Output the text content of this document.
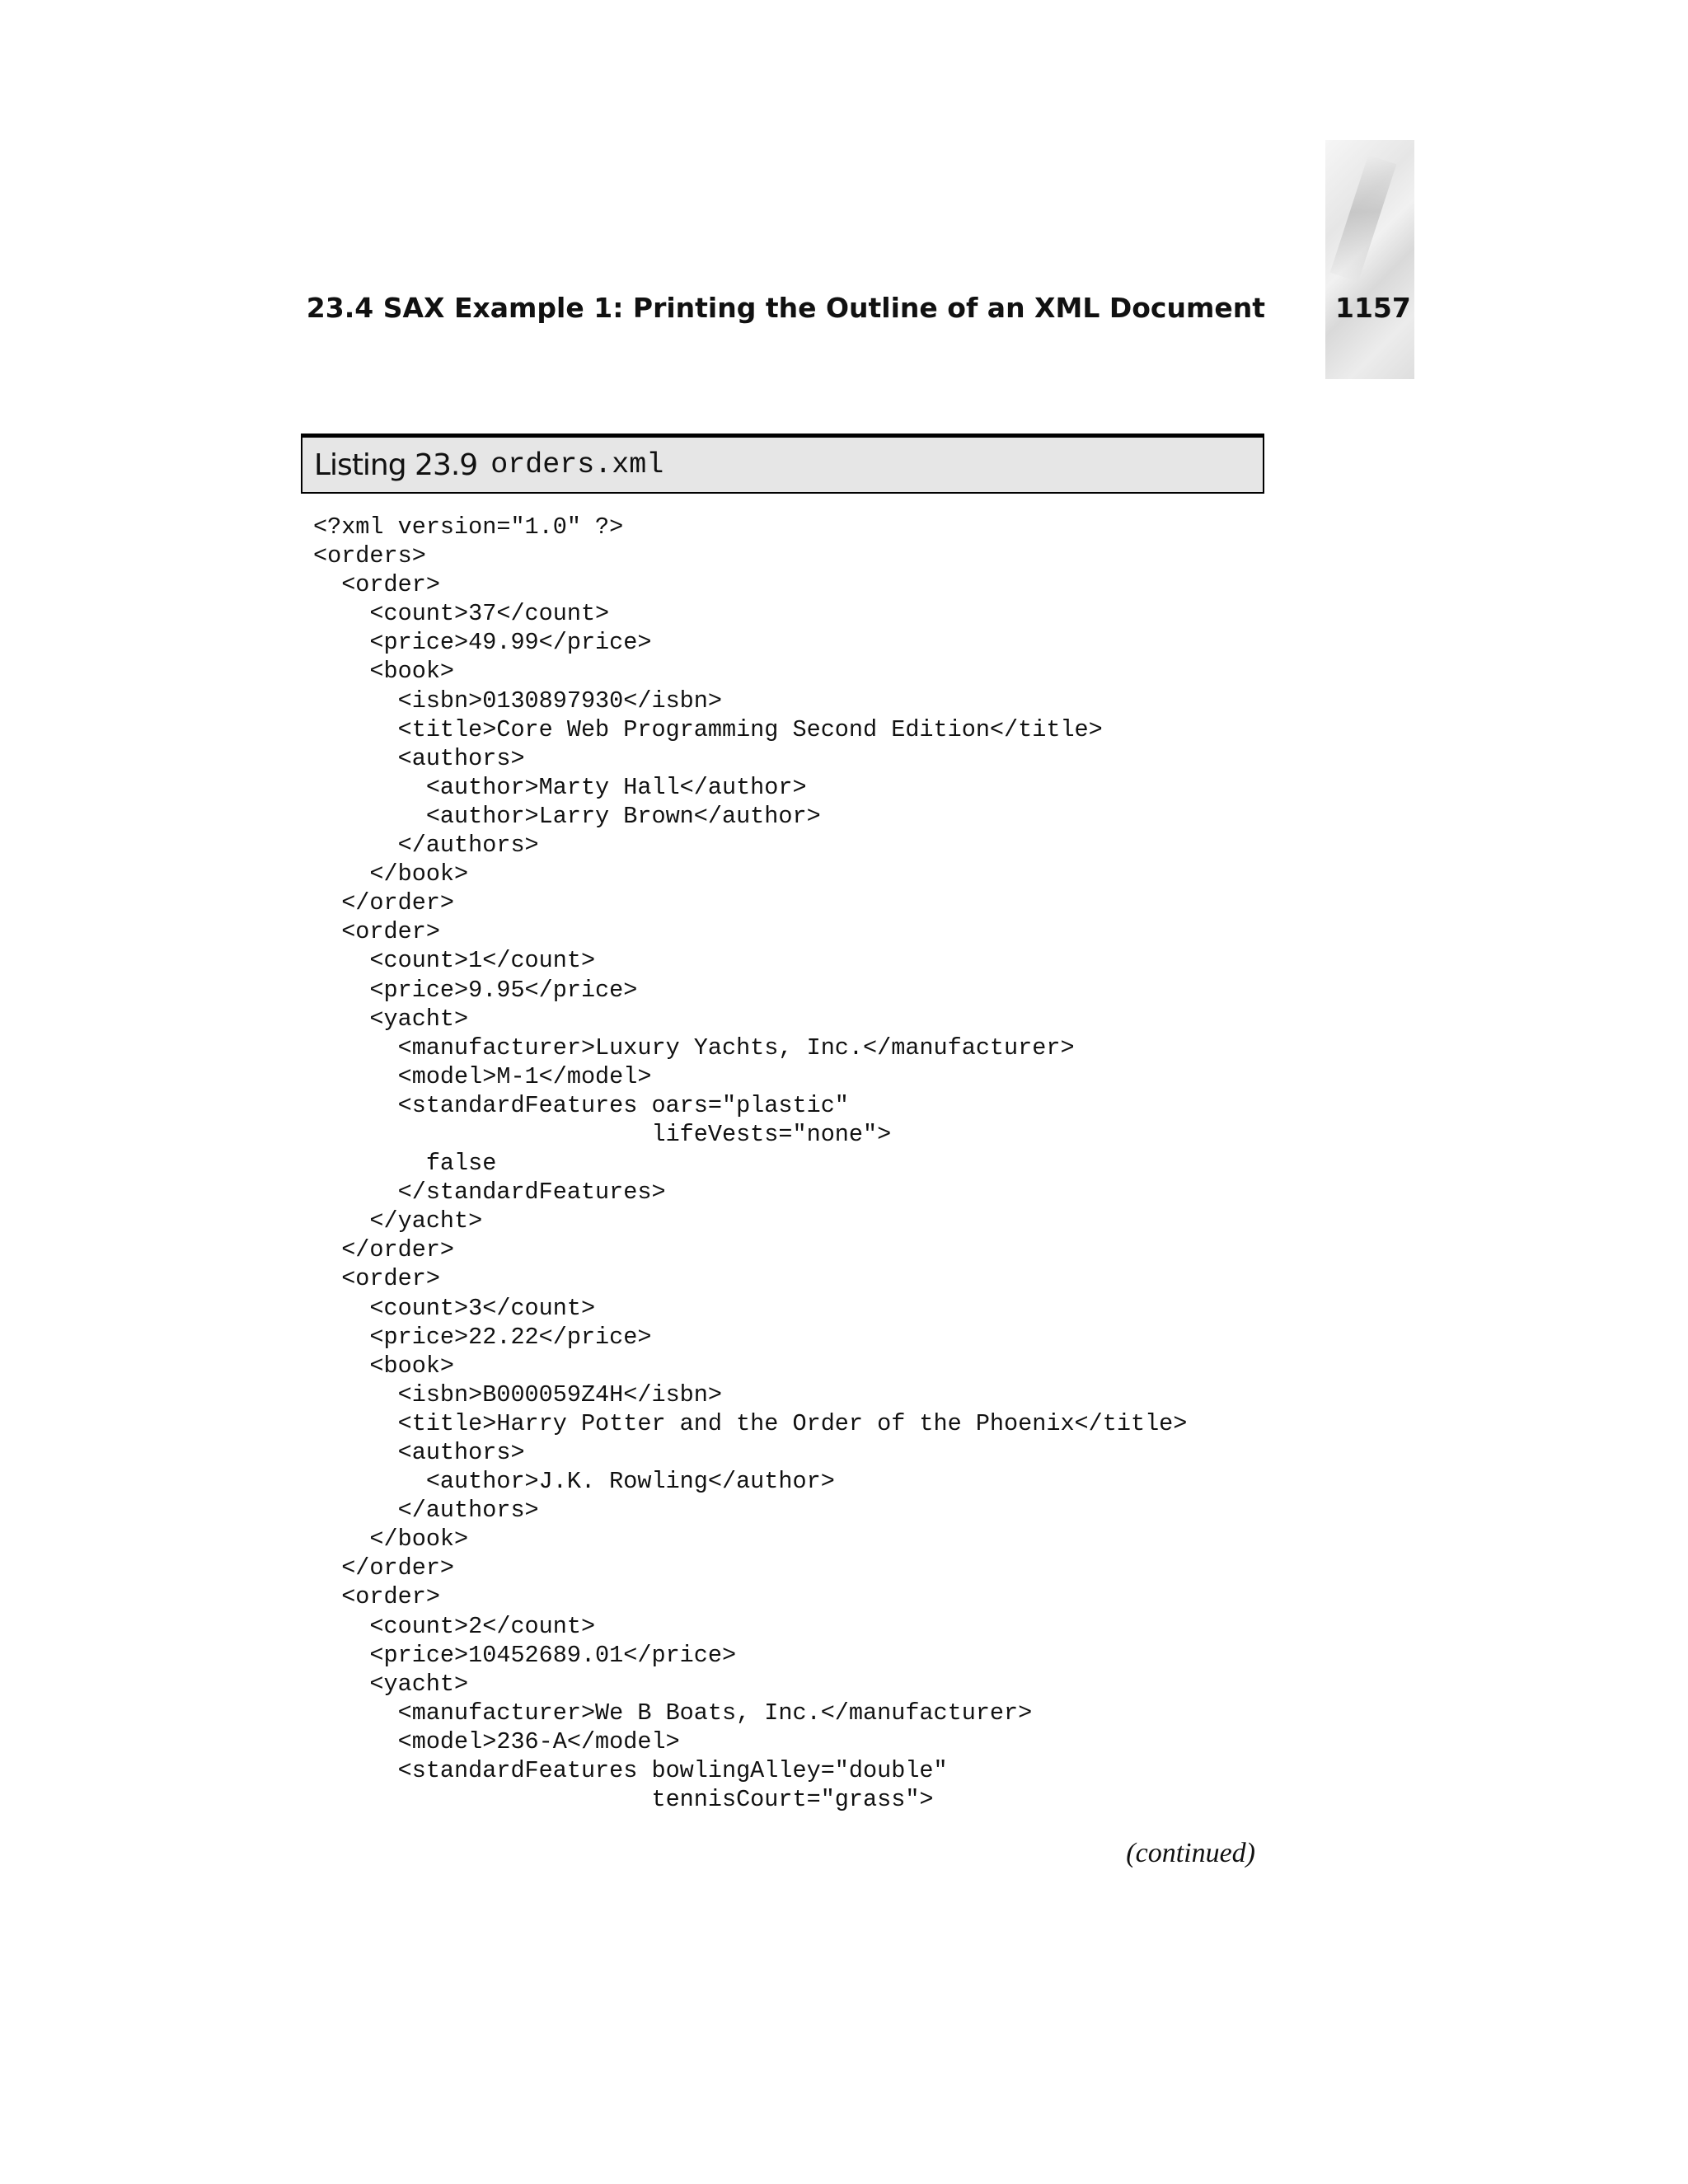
23.4 SAX Example 1: Printing the Outline of an XML Document	1157
Listing 23.9 orders.xml
<?xml version="1.0" ?>
<orders>
<order>
<count>37</count>
<price>49.99</price>
<book>
<isbn>0130897930</isbn>
<title>Core Web Programming Second Edition</title>
<authors>
<author>Marty Hall</author>
<author>Larry Brown</author>
</authors>
</book>
</order>
<order>
<count>1</count>
<price>9.95</price>
<yacht>
<manufacturer>Luxury Yachts, Inc.</manufacturer>
<model>M-1</model>
<standardFeatures oars="plastic"
lifeVests="none">
false
</standardFeatures>
</yacht>
</order>
<order>
<count>3</count>
<price>22.22</price>
<book>
<isbn>B000059Z4H</isbn>
<title>Harry Potter and the Order of the Phoenix</title>
<authors>
<author>J.K. Rowling</author>
</authors>
</book>
</order>
<order>
<count>2</count>
<price>10452689.01</price>
<yacht>
<manufacturer>We B Boats, Inc.</manufacturer>
<model>236-A</model>
<standardFeatures bowlingAlley="double"
tennisCourt="grass">
(continued)
